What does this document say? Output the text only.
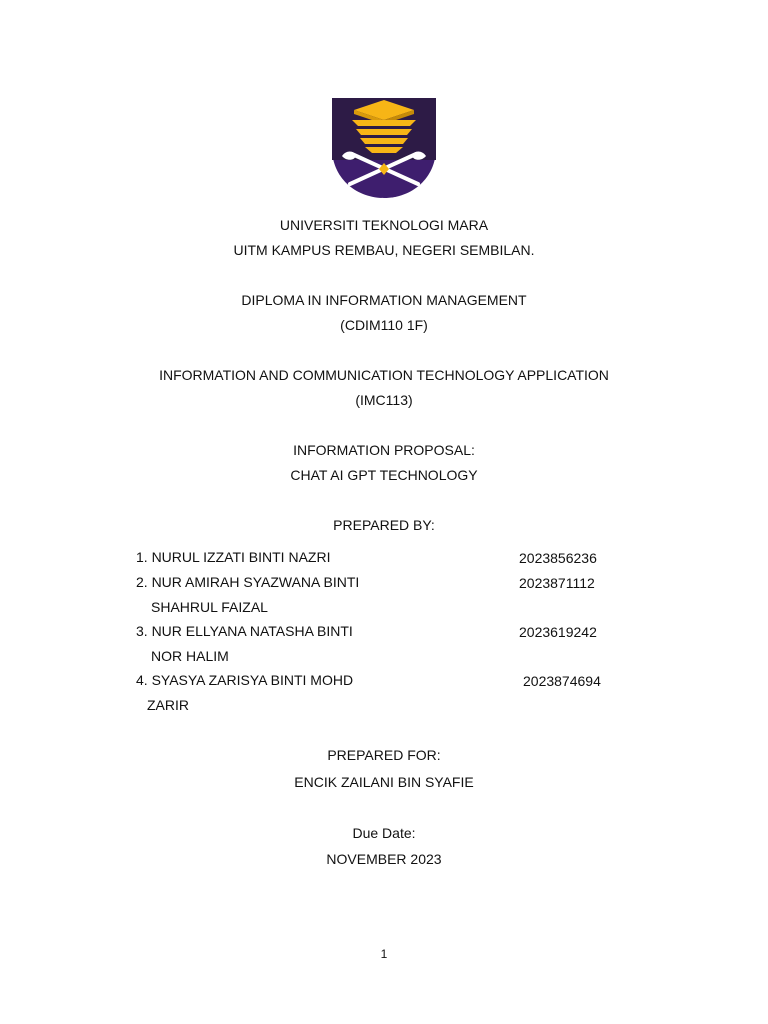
UNIVERSITI TEKNOLOGI MARA
UITM KAMPUS REMBAU, NEGERI SEMBILAN.
DIPLOMA IN INFORMATION MANAGEMENT
(CDIM110 1F)
INFORMATION AND COMMUNICATION TECHNOLOGY APPLICATION
(IMC113)
INFORMATION PROPOSAL:
CHAT AI GPT TECHNOLOGY
PREPARED BY:
1. NURUL IZZATI BINTI NAZRI	2023856236
2. NUR AMIRAH SYAZWANA BINTI	2023871112
SHAHRUL FAIZAL
3. NUR ELLYANA NATASHA BINTI	2023619242
NOR HALIM
4. SYASYA ZARISYA BINTI MOHD	2023874694
ZARIR
PREPARED FOR:
ENCIK ZAILANI BIN SYAFIE
Due Date:
NOVEMBER 2023
1
